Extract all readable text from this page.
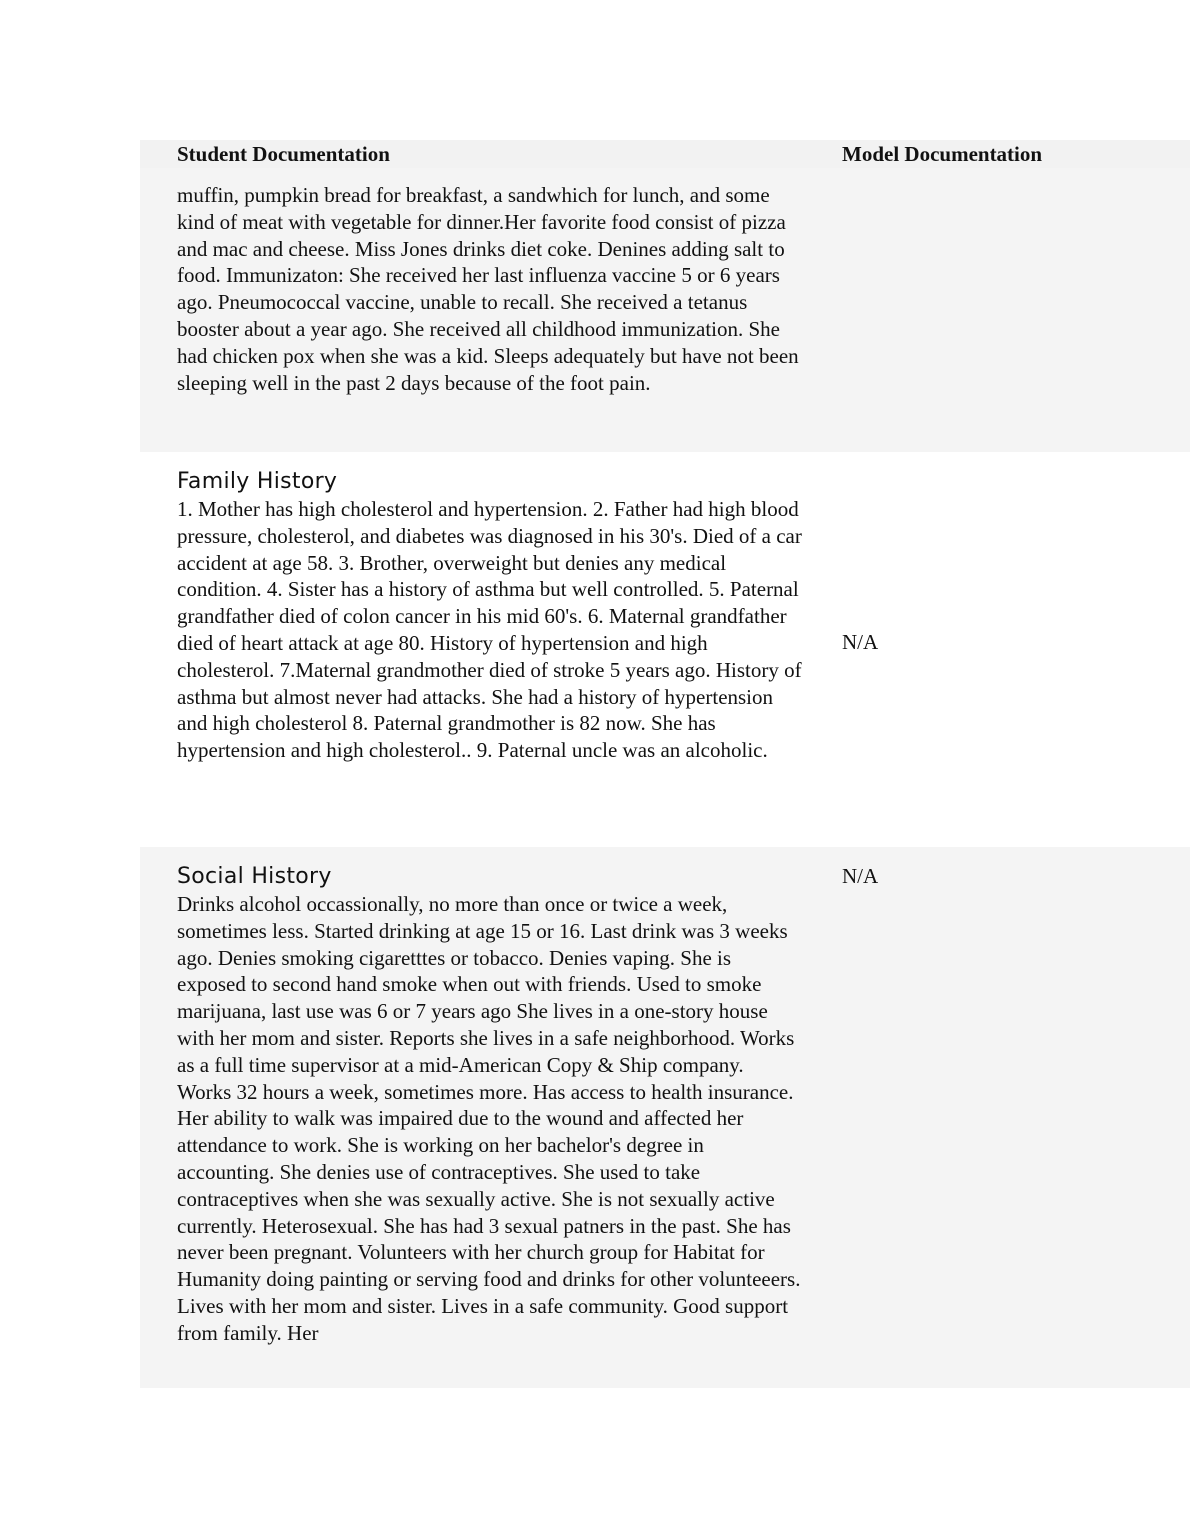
Student Documentation	Model Documentation

muffin, pumpkin bread for breakfast, a sandwhich for lunch, and some kind of meat with vegetable for dinner.Her favorite food consist of pizza and mac and cheese. Miss Jones drinks diet coke. Denines adding salt to food. Immunizaton: She received her last influenza vaccine 5 or 6 years ago. Pneumococcal vaccine, unable to recall. She received a tetanus booster about a year ago. She received all childhood immunization. She had chicken pox when she was a kid. Sleeps adequately but have not been sleeping well in the past 2 days because of the foot pain.

Family History

1. Mother has high cholesterol and hypertension. 2. Father had high blood pressure, cholesterol, and diabetes was diagnosed in his 30's. Died of a car accident at age 58. 3. Brother, overweight but denies any medical condition. 4. Sister has a history of asthma but well controlled. 5. Paternal grandfather died of colon cancer in his mid 60's. 6. Maternal grandfather died of heart attack at age 80. History of hypertension and high cholesterol. 7.Maternal grandmother died of stroke 5 years ago. History of asthma but almost never had attacks. She had a history of hypertension and high cholesterol 8. Paternal grandmother is 82 now. She has hypertension and high cholesterol.. 9. Paternal uncle was an alcoholic.

N/A
Social History

Drinks alcohol occassionally, no more than once or twice a week, sometimes less. Started drinking at age 15 or 16. Last drink was 3 weeks ago. Denies smoking cigaretttes or tobacco. Denies vaping. She is exposed to second hand smoke when out with friends. Used to smoke marijuana, last use was 6 or 7 years ago She lives in a one-story house with her mom and sister. Reports she lives in a safe neighborhood. Works as a full time supervisor at a mid-American Copy & Ship company. Works 32 hours a week, sometimes more. Has access to health insurance. Her ability to walk was impaired due to the wound and affected her attendance to work. She is working on her bachelor's degree in accounting. She denies use of contraceptives. She used to take contraceptives when she was sexually active. She is not sexually active currently. Heterosexual. She has had 3 sexual patners in the past. She has never been pregnant. Volunteers with her church group for Habitat for Humanity doing painting or serving food and drinks for other volunteeers. Lives with her mom and sister. Lives in a safe community. Good support from family. Her

N/A
